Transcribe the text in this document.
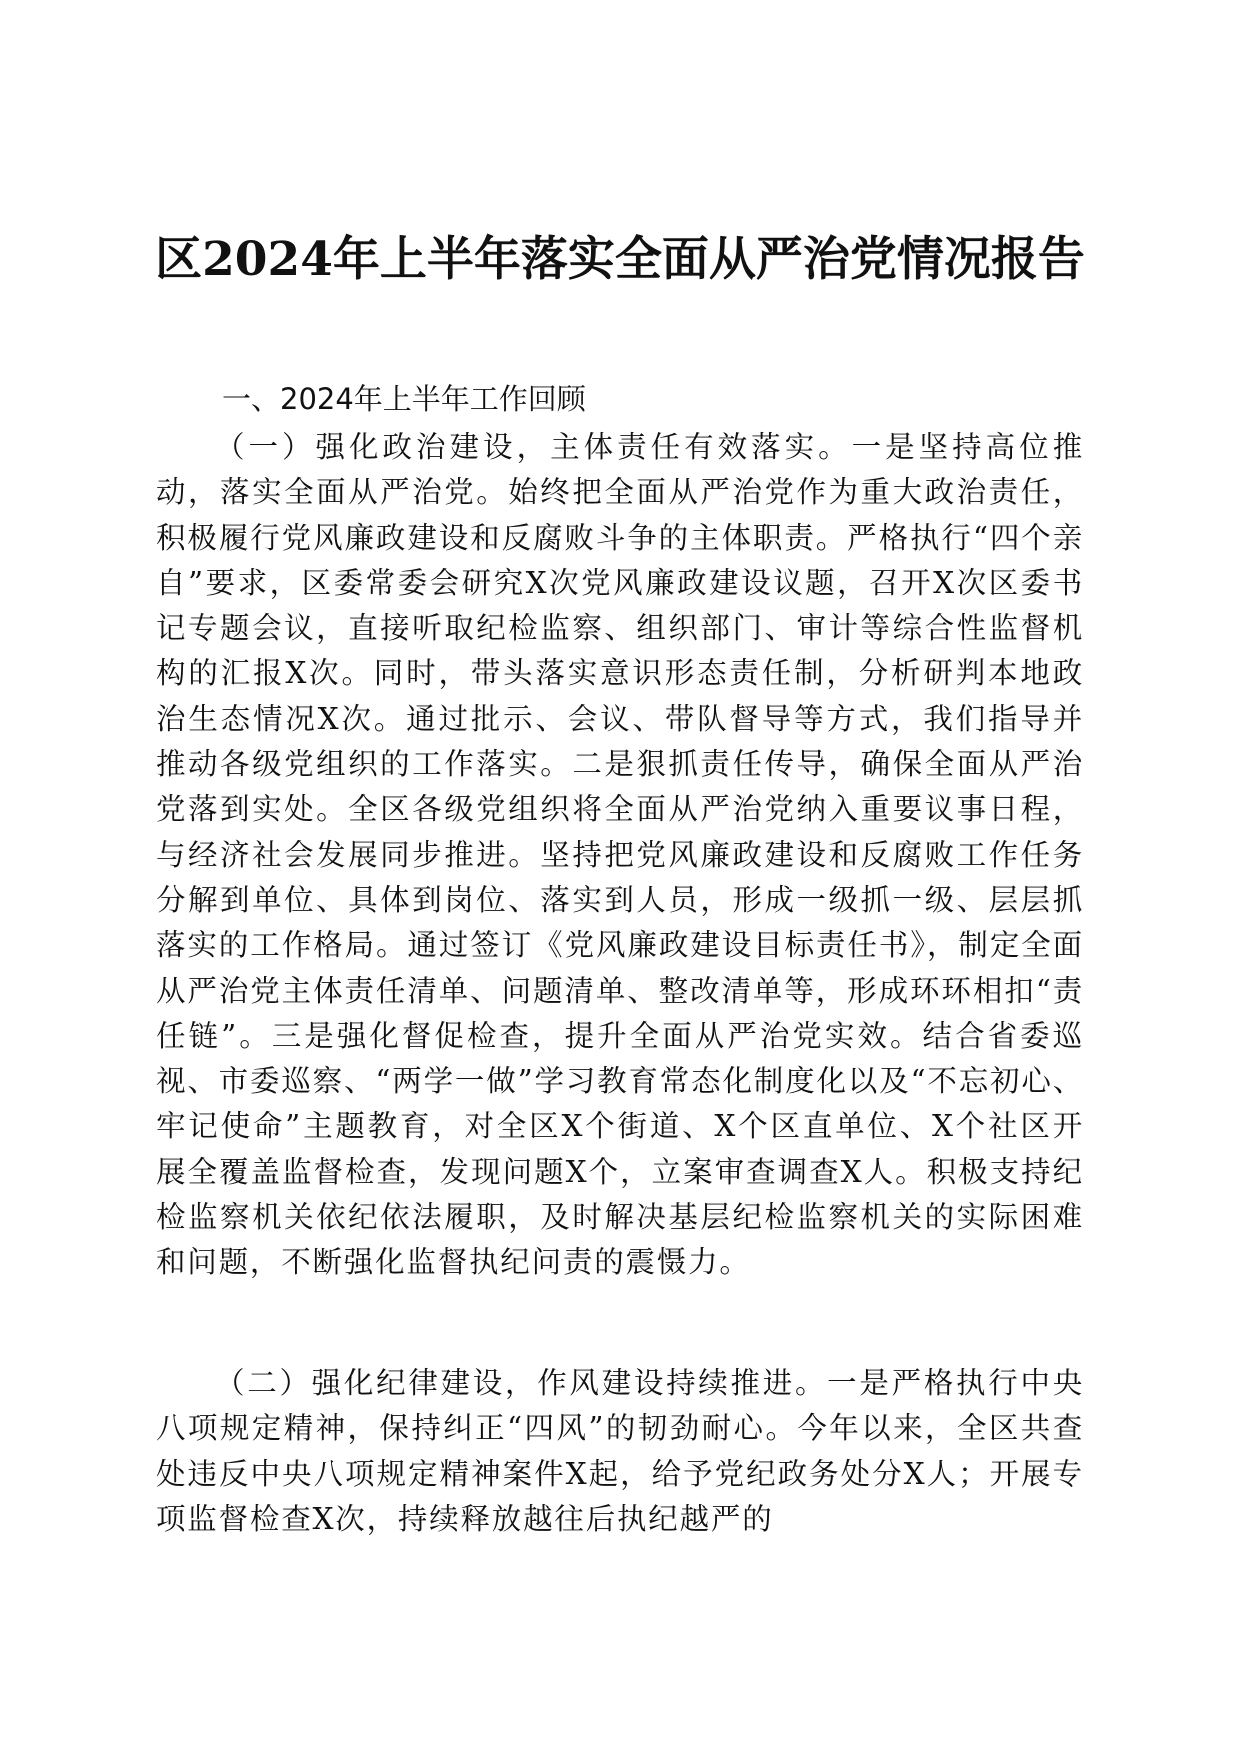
区2024年上半年落实全面从严治党情况报告
一、2024年上半年工作回顾

（一）强化政治建设，主体责任有效落实。一是坚持高位推动，落实全面从严治党。始终把全面从严治党作为重大政治责任，积极履行党风廉政建设和反腐败斗争的主体职责。严格执行“四个亲自”要求，区委常委会研究X次党风廉政建设议题，召开X次区委书记专题会议，直接听取纪检监察、组织部门、审计等综合性监督机构的汇报X次。同时，带头落实意识形态责任制，分析研判本地政治生态情况X次。通过批示、会议、带队督导等方式，我们指导并推动各级党组织的工作落实。二是狠抓责任传导，确保全面从严治党落到实处。全区各级党组织将全面从严治党纳入重要议事日程，与经济社会发展同步推进。坚持把党风廉政建设和反腐败工作任务分解到单位、具体到岗位、落实到人员，形成一级抓一级、层层抓落实的工作格局。通过签订《党风廉政建设目标责任书》，制定全面从严治党主体责任清单、问题清单、整改清单等，形成环环相扣“责任链”。三是强化督促检查，提升全面从严治党实效。结合省委巡视、市委巡察、“两学一做”学习教育常态化制度化以及“不忘初心、牢记使命”主题教育，对全区X个街道、X个区直单位、X个社区开展全覆盖监督检查，发现问题X个，立案审查调查X人。积极支持纪检监察机关依纪依法履职，及时解决基层纪检监察机关的实际困难和问题，不断强化监督执纪问责的震慑力。

（二）强化纪律建设，作风建设持续推进。一是严格执行中央八项规定精神，保持纠正“四风”的韧劲耐心。今年以来，全区共查处违反中央八项规定精神案件X起，给予党纪政务处分X人；开展专项监督检查X次，持续释放越往后执纪越严的
